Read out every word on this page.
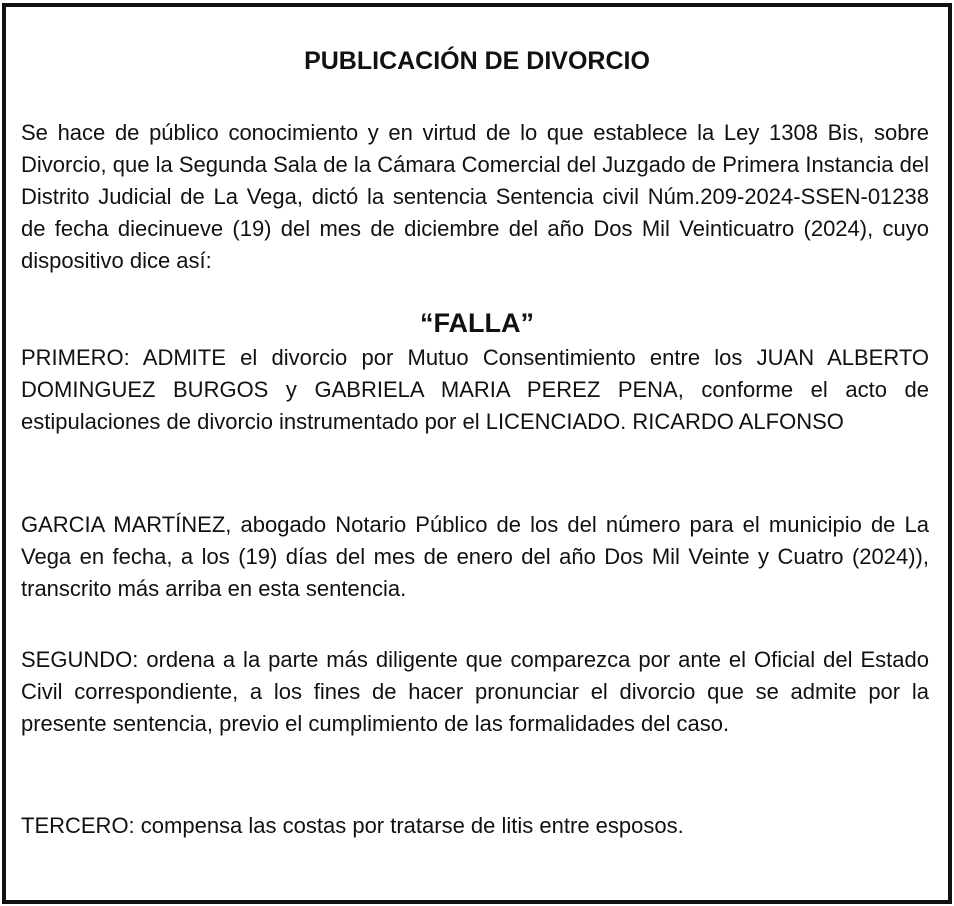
PUBLICACIÓN DE DIVORCIO

Se hace de público conocimiento y en virtud de lo que establece la Ley 1308 Bis, sobre Divorcio, que la Segunda Sala de la Cámara Comercial del Juzgado de Primera Instancia del Distrito Judicial de La Vega, dictó la sentencia Sentencia civil Núm.209-2024-SSEN-01238 de fecha diecinueve (19) del mes de diciembre del año Dos Mil Veinticuatro (2024), cuyo dispositivo dice así:

“FALLA”

PRIMERO: ADMITE el divorcio por Mutuo Consentimiento entre los JUAN ALBERTO DOMINGUEZ BURGOS y GABRIELA MARIA PEREZ PENA, conforme el acto de estipulaciones de divorcio instrumentado por el LICENCIADO. RICARDO ALFONSO

GARCIA MARTÍNEZ, abogado Notario Público de los del número para el municipio de La Vega en fecha, a los (19) días del mes de enero del año Dos Mil Veinte y Cuatro (2024)), transcrito más arriba en esta sentencia.

SEGUNDO: ordena a la parte más diligente que comparezca por ante el Oficial del Estado Civil correspondiente, a los fines de hacer pronunciar el divorcio que se admite por la presente sentencia, previo el cumplimiento de las formalidades del caso.

TERCERO: compensa las costas por tratarse de litis entre esposos.
